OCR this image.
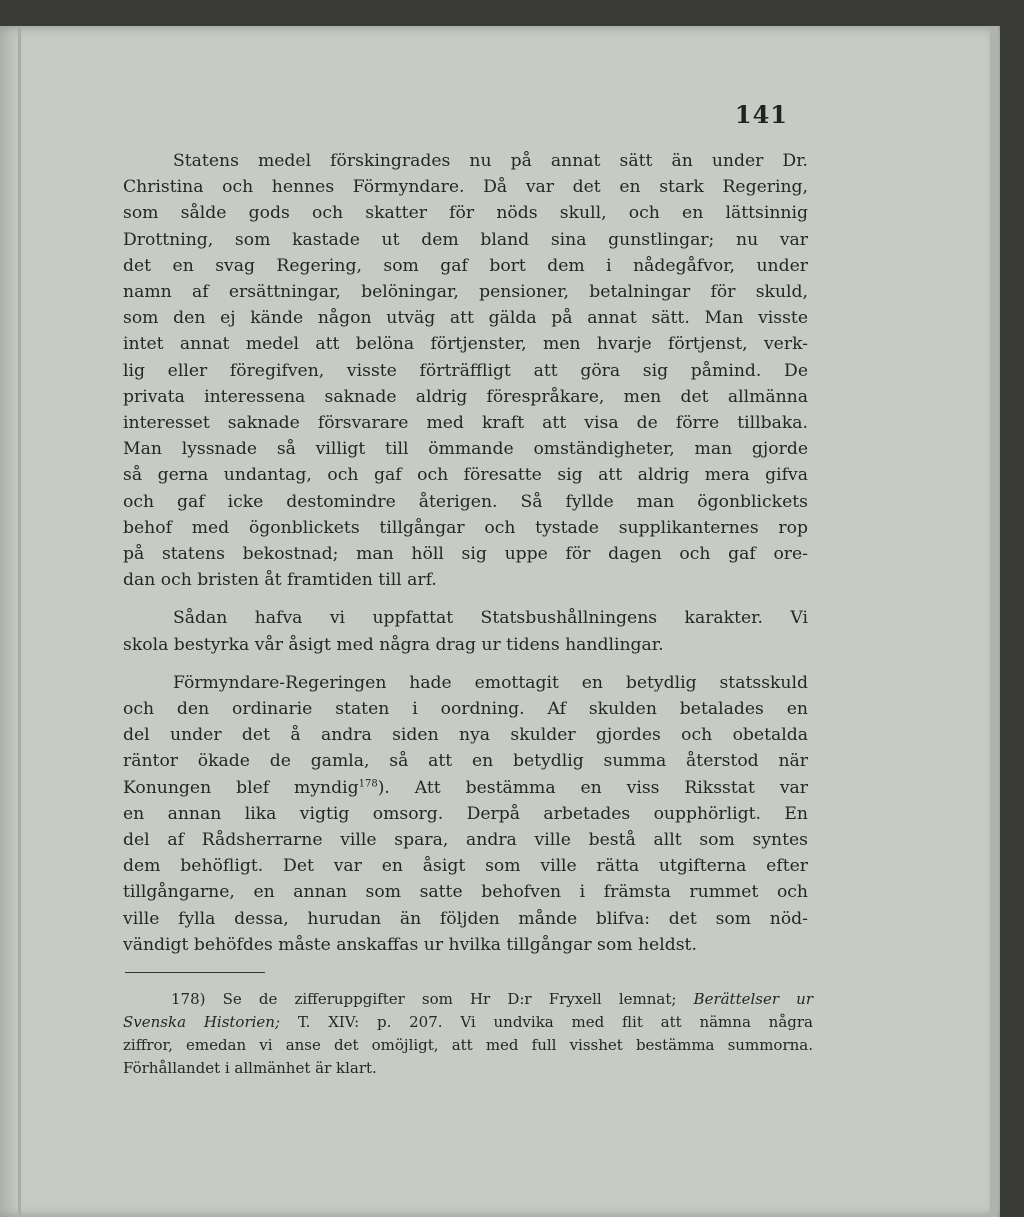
141

Statens medel förskingrades nu på annat sätt än under Dr.
Christina och hennes Förmyndare. Då var det en stark Regering,
som sålde gods och skatter för nöds skull, och en lättsinnig
Drottning, som kastade ut dem bland sina gunstlingar; nu var
det en svag Regering, som gaf bort dem i nådegåfvor, under
namn af ersättningar, belöningar, pensioner, betalningar för skuld,
som den ej kände någon utväg att gälda på annat sätt. Man visste
intet annat medel att belöna förtjenster, men hvarje förtjenst, verk-
lig eller föregifven, visste förträffligt att göra sig påmind. De
privata interessena saknade aldrig förespråkare, men det allmänna
interesset saknade försvarare med kraft att visa de förre tillbaka.
Man lyssnade så villigt till ömmande omständigheter, man gjorde
så gerna undantag, och gaf och föresatte sig att aldrig mera gifva
och gaf icke destomindre återigen. Så fyllde man ögonblickets
behof med ögonblickets tillgångar och tystade supplikanternes rop
på statens bekostnad; man höll sig uppe för dagen och gaf ore-
dan och bristen åt framtiden till arf.

Sådan hafva vi uppfattat Statsbushållningens karakter. Vi
skola bestyrka vår åsigt med några drag ur tidens handlingar.

Förmyndare-Regeringen hade emottagit en betydlig statsskuld
och den ordinarie staten i oordning. Af skulden betalades en
del under det å andra siden nya skulder gjordes och obetalda
räntor ökade de gamla, så att en betydlig summa återstod när
Konungen blef myndig$^{178}$). Att bestämma en viss Riksstat var
en annan lika vigtig omsorg. Derpå arbetades oupphörligt. En
del af Rådsherrarne ville spara, andra ville bestå allt som syntes
dem behöfligt. Det var en åsigt som ville rätta utgifterna efter
tillgångarne, en annan som satte behofven i främsta rummet och
ville fylla dessa, hurudan än följden månde blifva: det som nöd-
vändigt behöfdes måste anskaffas ur hvilka tillgångar som heldst.

178) Se de zifferuppgifter som Hr D:r Fryxell lemnat; Berättelser ur
Svenska Historien; T. XIV: p. 207. Vi undvika med flit att nämna några
ziffror, emedan vi anse det omöjligt, att med full visshet bestämma summorna.
Förhållandet i allmänhet är klart.
